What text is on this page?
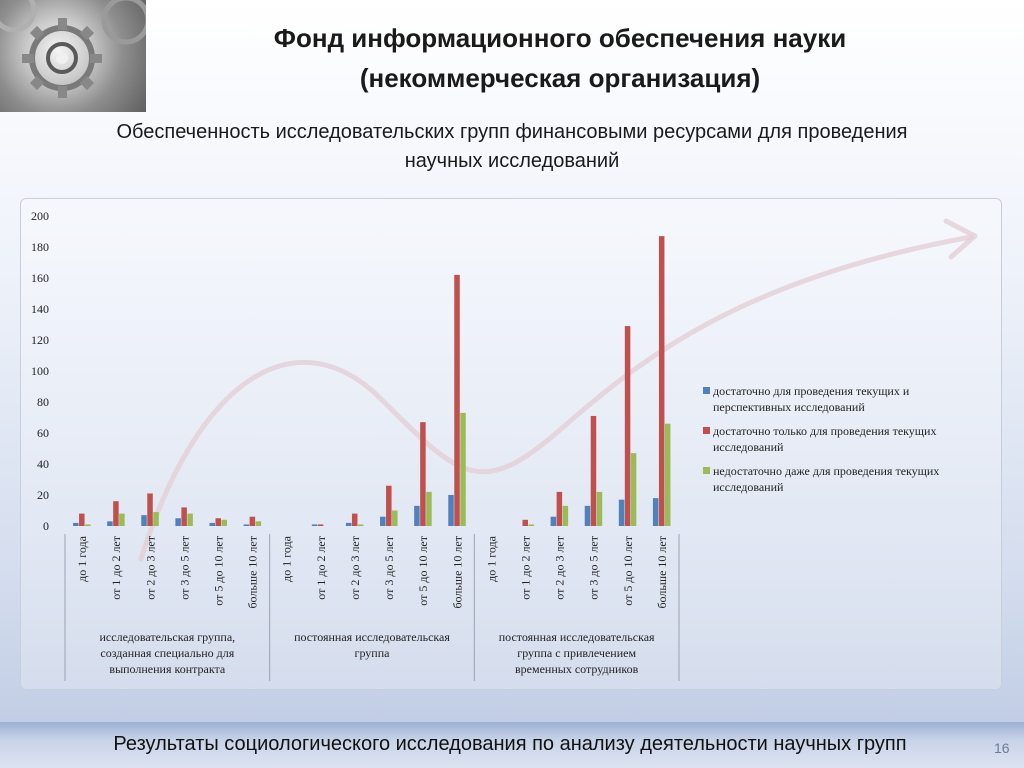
Фонд информационного обеспечения науки
(некоммерческая организация)
Обеспеченность исследовательских групп финансовыми ресурсами для проведения
научных исследований
0
20
40
60
80
100
120
140
160
180
200
до 1 года от 1 до 2 лет от 2 до 3 лет от 3 до 5 лет от 5 до 10 лет больше 10 лет до 1 года от 1 до 2 лет от 2 до 3 лет от 3 до 5 лет от 5 до 10 лет больше 10 лет до 1 года от 1 до 2 лет от 2 до 3 лет от 3 до 5 лет от 5 до 10 лет больше 10 лет
исследовательская группа, созданная специально для выполнения контракта
постоянная исследовательская группа
постоянная исследовательская группа с привлечением временных сотрудников
достаточно для проведения текущих и перспективных исследований
достаточно только для проведения текущих исследований
недостаточно даже для проведения текущих исследований
Результаты социологического исследования по анализу деятельности научных групп	16
